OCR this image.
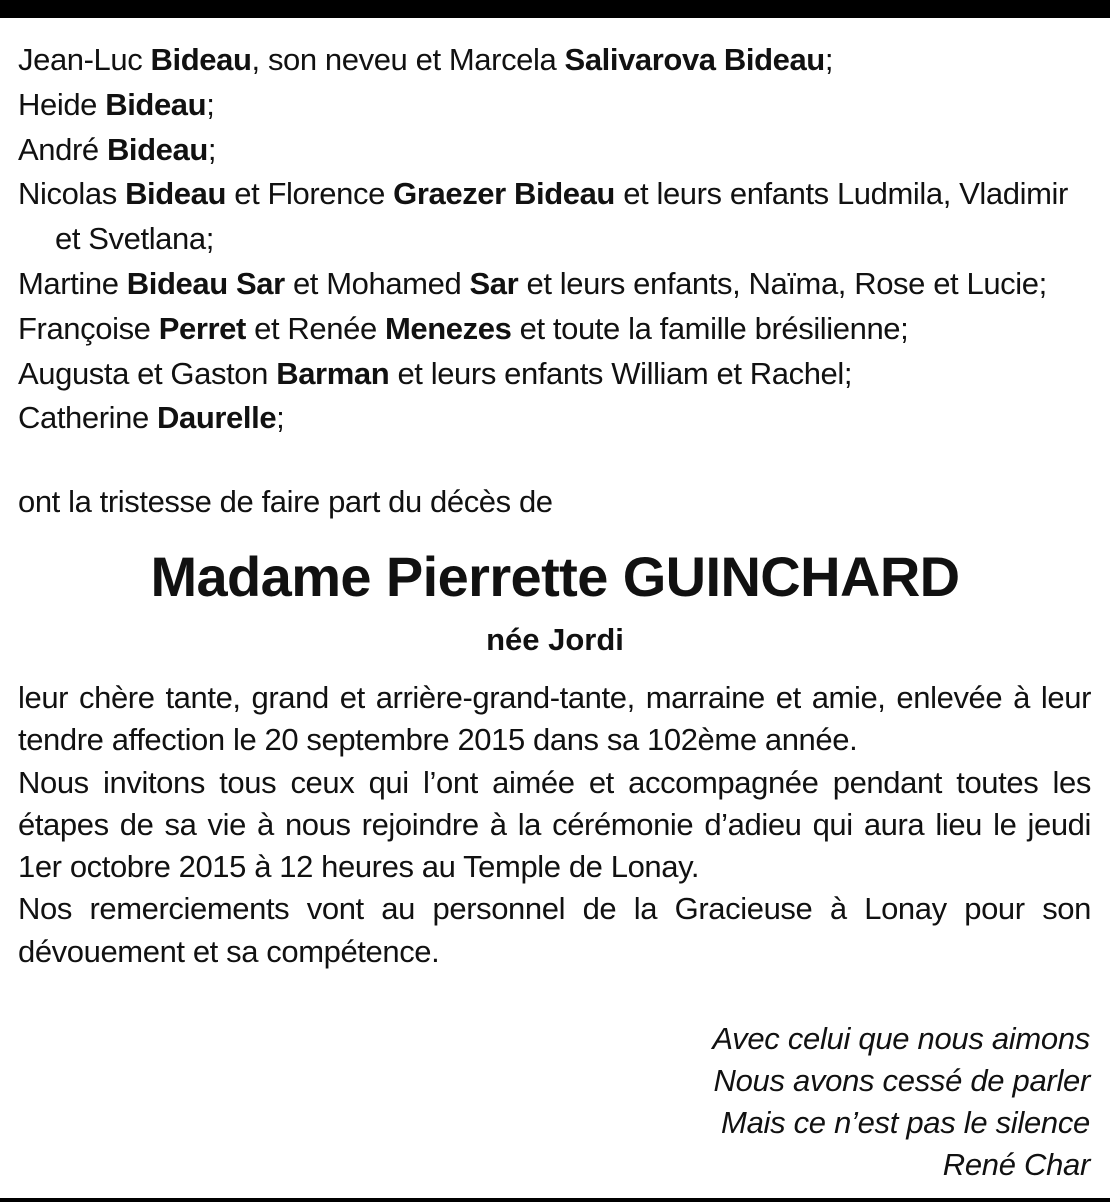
Jean-Luc Bideau, son neveu et Marcela Salivarova Bideau;
Heide Bideau;
André Bideau;
Nicolas Bideau et Florence Graezer Bideau et leurs enfants Ludmila, Vladimir et Svetlana;
Martine Bideau Sar et Mohamed Sar et leurs enfants, Naïma, Rose et Lucie;
Françoise Perret et Renée Menezes et toute la famille brésilienne;
Augusta et Gaston Barman et leurs enfants William et Rachel;
Catherine Daurelle;
ont la tristesse de faire part du décès de
Madame Pierrette GUINCHARD
née Jordi

leur chère tante, grand et arrière-grand-tante, marraine et amie, enlevée à leur tendre affection le 20 septembre 2015 dans sa 102ème année.

Nous invitons tous ceux qui l’ont aimée et accompagnée pendant toutes les étapes de sa vie à nous rejoindre à la cérémonie d’adieu qui aura lieu le jeudi 1er octobre 2015 à 12 heures au Temple de Lonay.

Nos remerciements vont au personnel de la Gracieuse à Lonay pour son dévouement et sa compétence.

Avec celui que nous aimons
Nous avons cessé de parler
Mais ce n’est pas le silence
René Char
